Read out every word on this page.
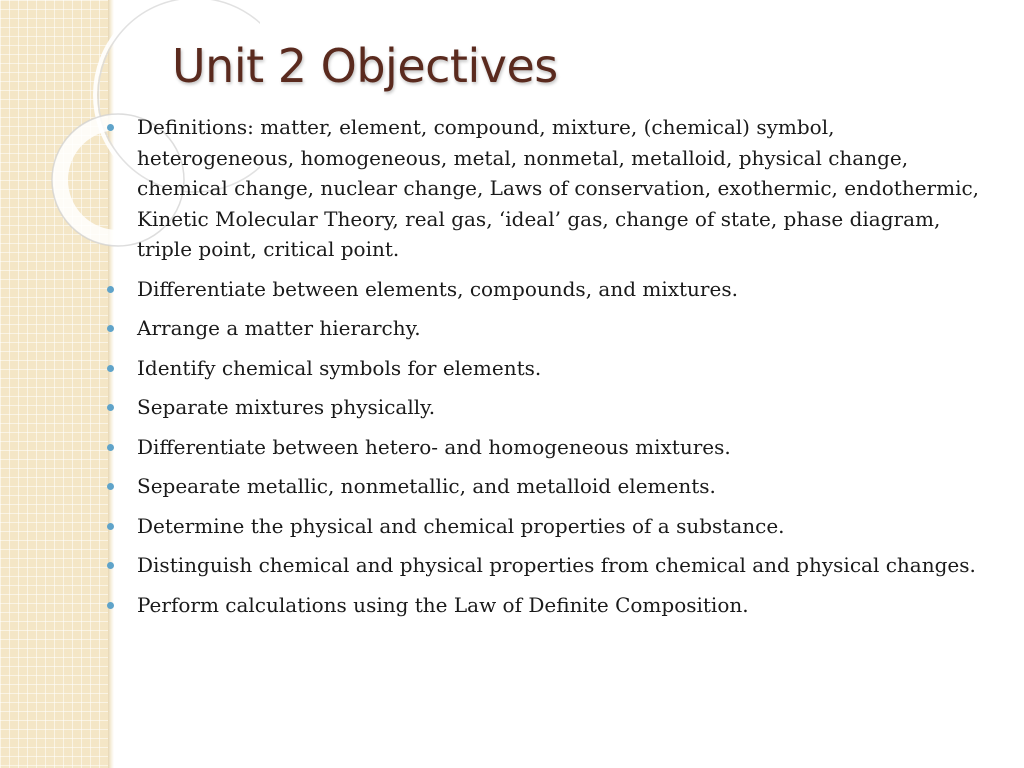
Unit 2 Objectives
Definitions: matter, element, compound, mixture, (chemical) symbol, heterogeneous, homogeneous, metal, nonmetal, metalloid, physical change, chemical change, nuclear change, Laws of conservation, exothermic, endothermic, Kinetic Molecular Theory, real gas, ‘ideal’ gas, change of state, phase diagram, triple point, critical point.
Differentiate between elements, compounds, and mixtures.
Arrange a matter hierarchy.
Identify chemical symbols for elements.
Separate mixtures physically.
Differentiate between hetero- and homogeneous mixtures.
Sepearate metallic, nonmetallic, and metalloid elements.
Determine the physical and chemical properties of a substance.
Distinguish chemical and physical properties from chemical and physical changes.
Perform calculations using the Law of Definite Composition.
